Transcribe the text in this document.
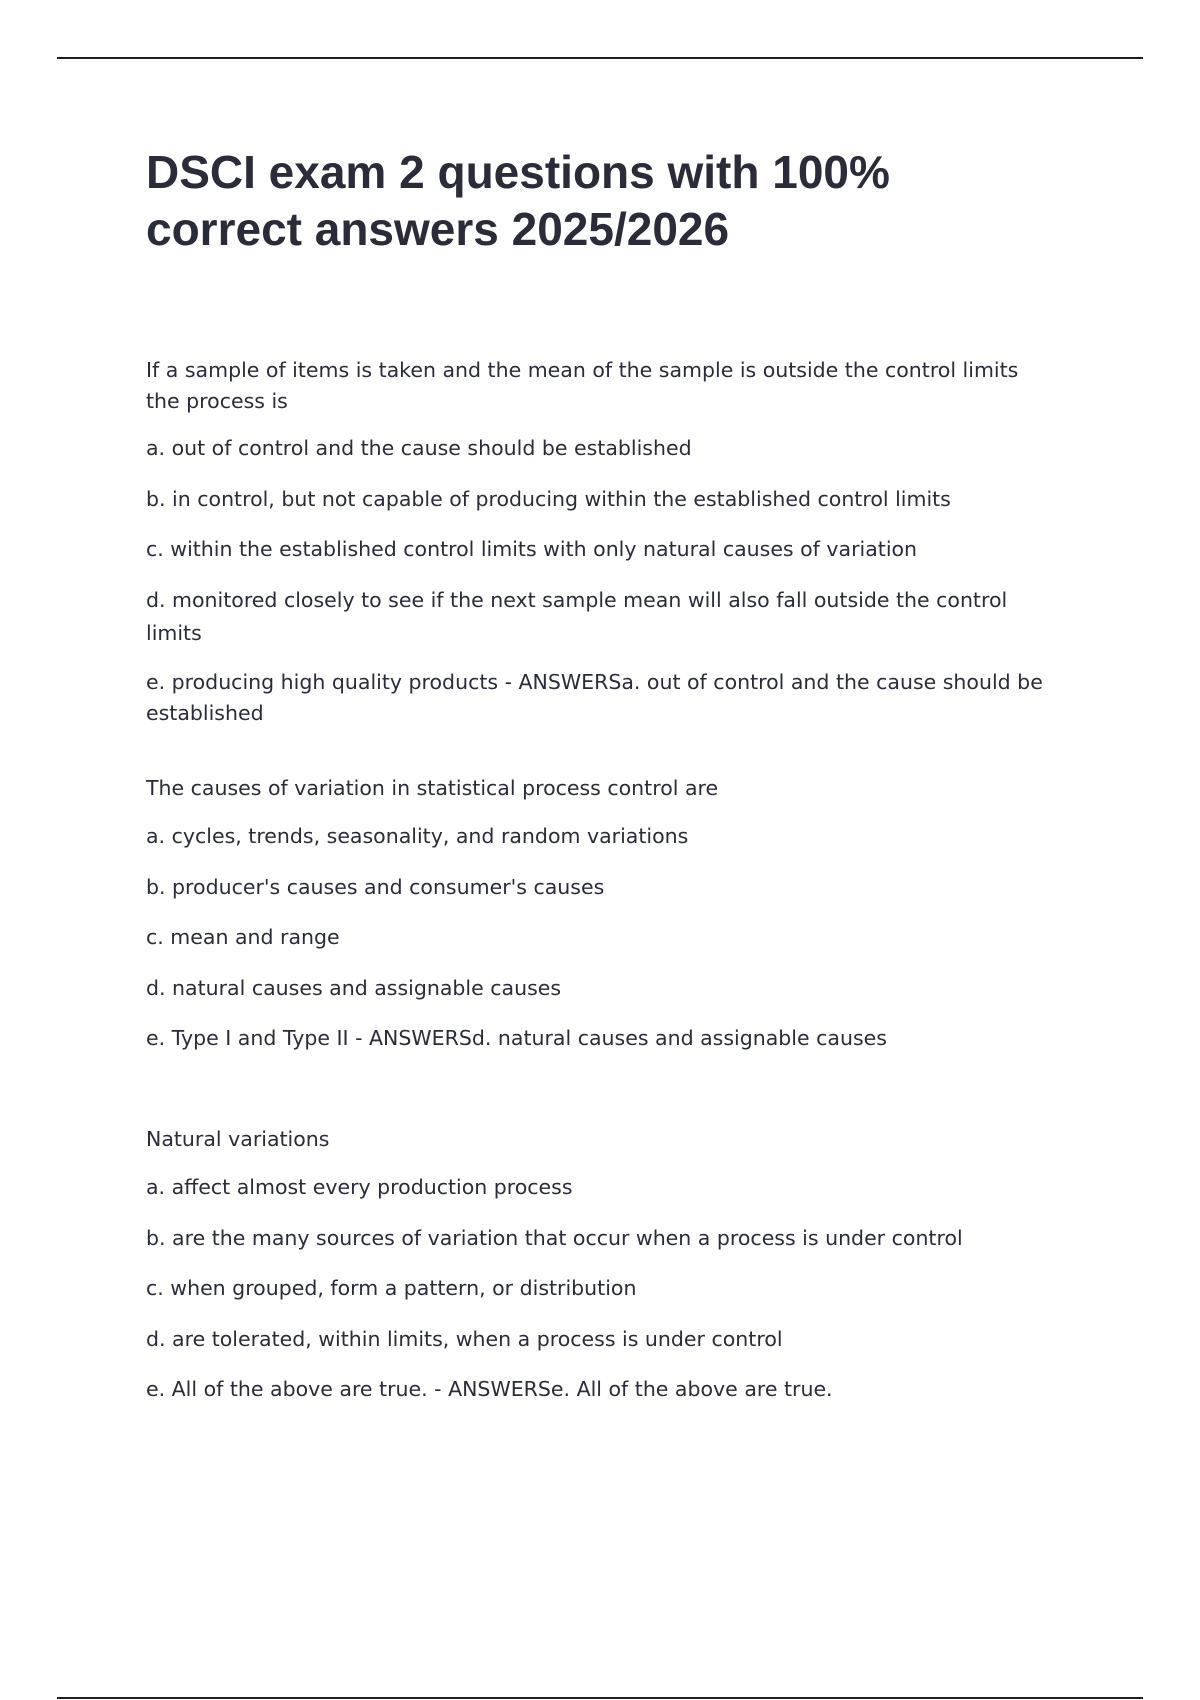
DSCI exam 2 questions with 100% correct answers 2025/2026

If a sample of items is taken and the mean of the sample is outside the control limits the process is

a. out of control and the cause should be established

b. in control, but not capable of producing within the established control limits

c. within the established control limits with only natural causes of variation

d. monitored closely to see if the next sample mean will also fall outside the control limits

e. producing high quality products - ANSWERSa. out of control and the cause should be established

The causes of variation in statistical process control are

a. cycles, trends, seasonality, and random variations

b. producer's causes and consumer's causes

c. mean and range

d. natural causes and assignable causes

e. Type I and Type II - ANSWERSd. natural causes and assignable causes

Natural variations

a. affect almost every production process

b. are the many sources of variation that occur when a process is under control

c. when grouped, form a pattern, or distribution

d. are tolerated, within limits, when a process is under control

e. All of the above are true. - ANSWERSe. All of the above are true.
